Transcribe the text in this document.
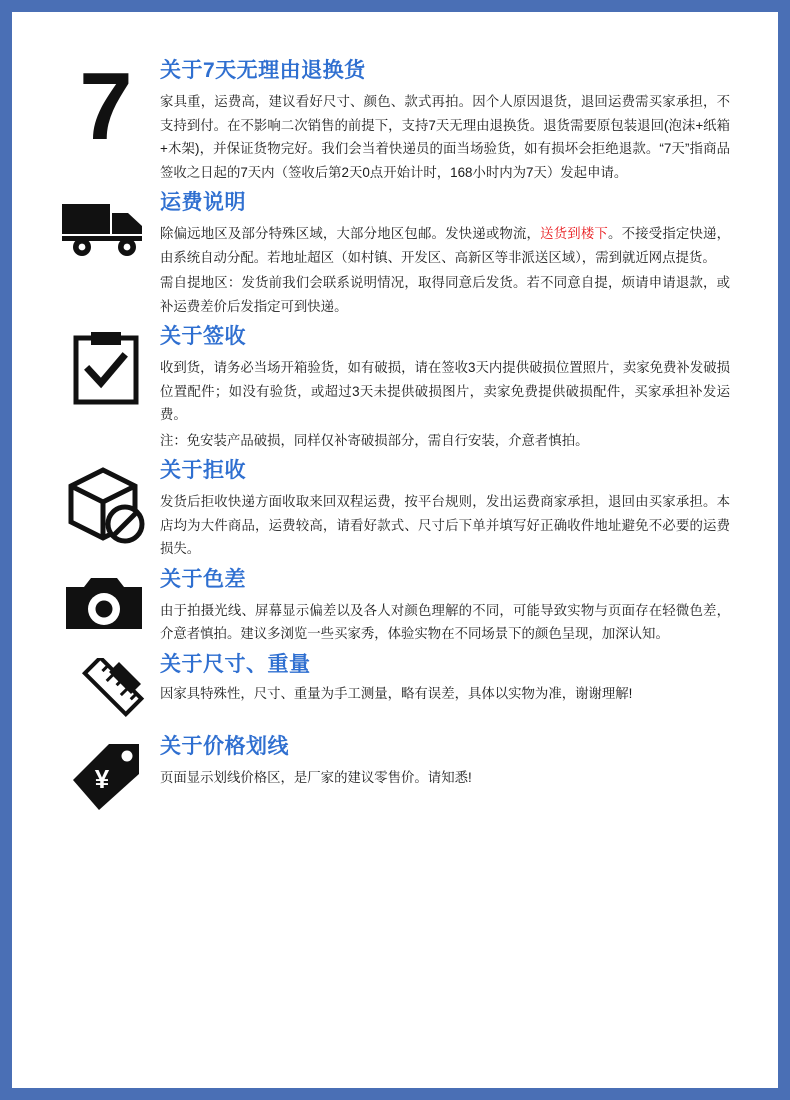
7 关于7天无理由退换货

家具重，运费高，建议看好尺寸、颜色、款式再拍。因个人原因退货，退回运费需买家承担，不支持到付。在不影响二次销售的前提下，支持7天无理由退换货。退货需要原包装退回(泡沫+纸箱+木架)，并保证货物完好。我们会当着快递员的面当场验货，如有损坏会拒绝退款。“7天”指商品签收之日起的7天内（签收后第2天0点开始计时，168小时内为7天）发起申请。

运费说明

除偏远地区及部分特殊区域，大部分地区包邮。发快递或物流，送货到楼下。不接受指定快递，由系统自动分配。若地址超区（如村镇、开发区、高新区等非派送区域），需到就近网点提货。

需自提地区：发货前我们会联系说明情况，取得同意后发货。若不同意自提，烦请申请退款，或补运费差价后发指定可到快递。

关于签收

收到货，请务必当场开箱验货，如有破损，请在签收3天内提供破损位置照片，卖家免费补发破损位置配件；如没有验货，或超过3天未提供破损图片，卖家免费提供破损配件，买家承担补发运费。

注：免安装产品破损，同样仅补寄破损部分，需自行安装，介意者慎拍。

关于拒收

发货后拒收快递方面收取来回双程运费，按平台规则，发出运费商家承担，退回由买家承担。本店均为大件商品，运费较高，请看好款式、尺寸后下单并填写好正确收件地址避免不必要的运费损失。

关于色差

由于拍摄光线、屏幕显示偏差以及各人对颜色理解的不同，可能导致实物与页面存在轻微色差，介意者慎拍。建议多浏览一些买家秀，体验实物在不同场景下的颜色呈现，加深认知。

关于尺寸、重量

因家具特殊性，尺寸、重量为手工测量，略有误差，具体以实物为准，谢谢理解!

¥
关于价格划线

页面显示划线价格区，是厂家的建议零售价。请知悉!
